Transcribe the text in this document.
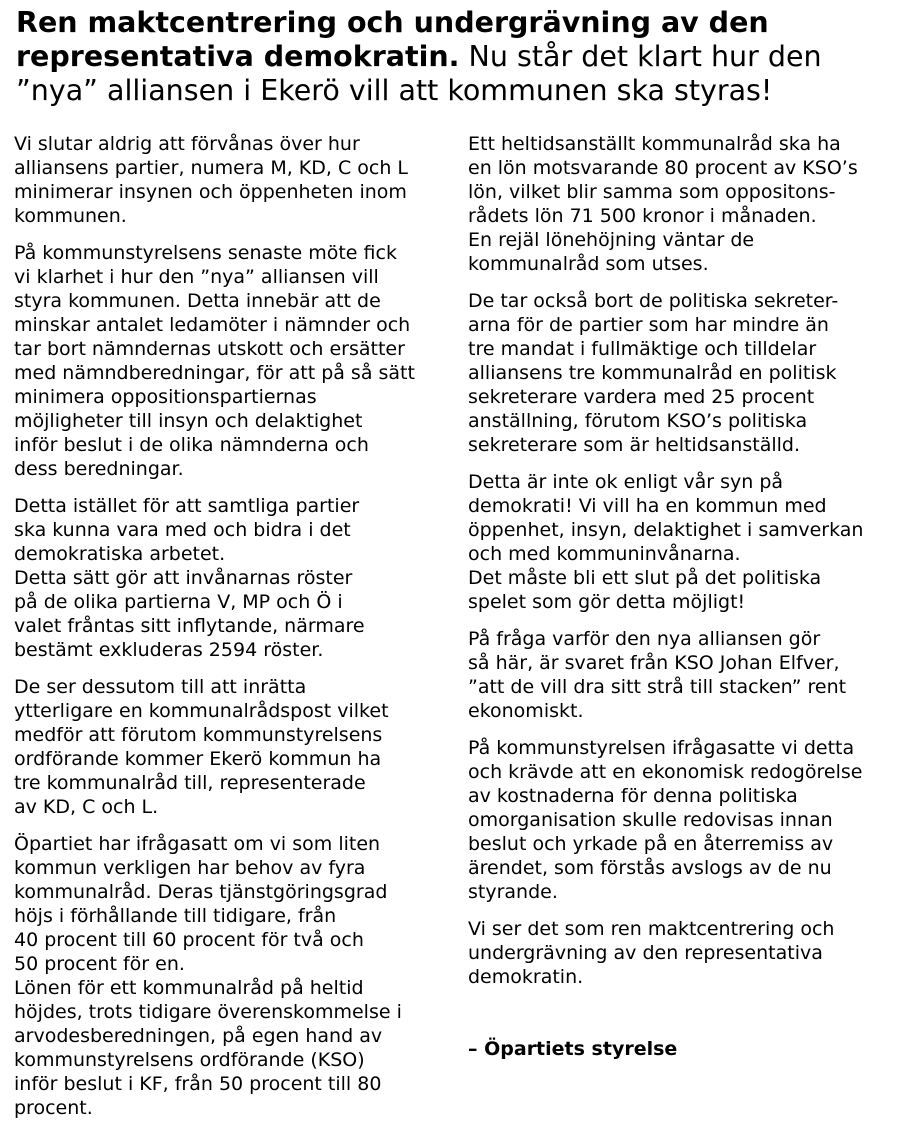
Ren maktcentrering och undergrävning av den
representativa demokratin. Nu står det klart hur den
”nya” alliansen i Ekerö vill att kommunen ska styras!

Vi slutar aldrig att förvånas över hur
alliansens partier, numera M, KD, C och L
minimerar insynen och öppenheten inom
kommunen.

På kommunstyrelsens senaste möte fick
vi klarhet i hur den ”nya” alliansen vill
styra kommunen. Detta innebär att de
minskar antalet ledamöter i nämnder och
tar bort nämndernas utskott och ersätter
med nämndberedningar, för att på så sätt
minimera oppositionspartiernas
möjligheter till insyn och delaktighet
inför beslut i de olika nämnderna och
dess beredningar.

Detta istället för att samtliga partier
ska kunna vara med och bidra i det
demokratiska arbetet.
Detta sätt gör att invånarnas röster
på de olika partierna V, MP och Ö i
valet fråntas sitt inflytande, närmare
bestämt exkluderas 2594 röster.

De ser dessutom till att inrätta
ytterligare en kommunalrådspost vilket
medför att förutom kommunstyrelsens
ordförande kommer Ekerö kommun ha
tre kommunalråd till, representerade
av KD, C och L.

Öpartiet har ifrågasatt om vi som liten
kommun verkligen har behov av fyra
kommunalråd. Deras tjänstgöringsgrad
höjs i förhållande till tidigare, från
40 procent till 60 procent för två och
50 procent för en.
Lönen för ett kommunalråd på heltid
höjdes, trots tidigare överenskommelse i
arvodesberedningen, på egen hand av
kommunstyrelsens ordförande (KSO)
inför beslut i KF, från 50 procent till 80
procent.

Ett heltidsanställt kommunalråd ska ha
en lön motsvarande 80 procent av KSO’s
lön, vilket blir samma som oppositons-
rådets lön 71 500 kronor i månaden.
En rejäl lönehöjning väntar de
kommunalråd som utses.

De tar också bort de politiska sekreter-
arna för de partier som har mindre än
tre mandat i fullmäktige och tilldelar
alliansens tre kommunalråd en politisk
sekreterare vardera med 25 procent
anställning, förutom KSO’s politiska
sekreterare som är heltidsanställd.

Detta är inte ok enligt vår syn på
demokrati! Vi vill ha en kommun med
öppenhet, insyn, delaktighet i samverkan
och med kommuninvånarna.
Det måste bli ett slut på det politiska
spelet som gör detta möjligt!

På fråga varför den nya alliansen gör
så här, är svaret från KSO Johan Elfver,
”att de vill dra sitt strå till stacken” rent
ekonomiskt.

På kommunstyrelsen ifrågasatte vi detta
och krävde att en ekonomisk redogörelse
av kostnaderna för denna politiska
omorganisation skulle redovisas innan
beslut och yrkade på en återremiss av
ärendet, som förstås avslogs av de nu
styrande.

Vi ser det som ren maktcentrering och
undergrävning av den representativa
demokratin.

– Öpartiets styrelse
